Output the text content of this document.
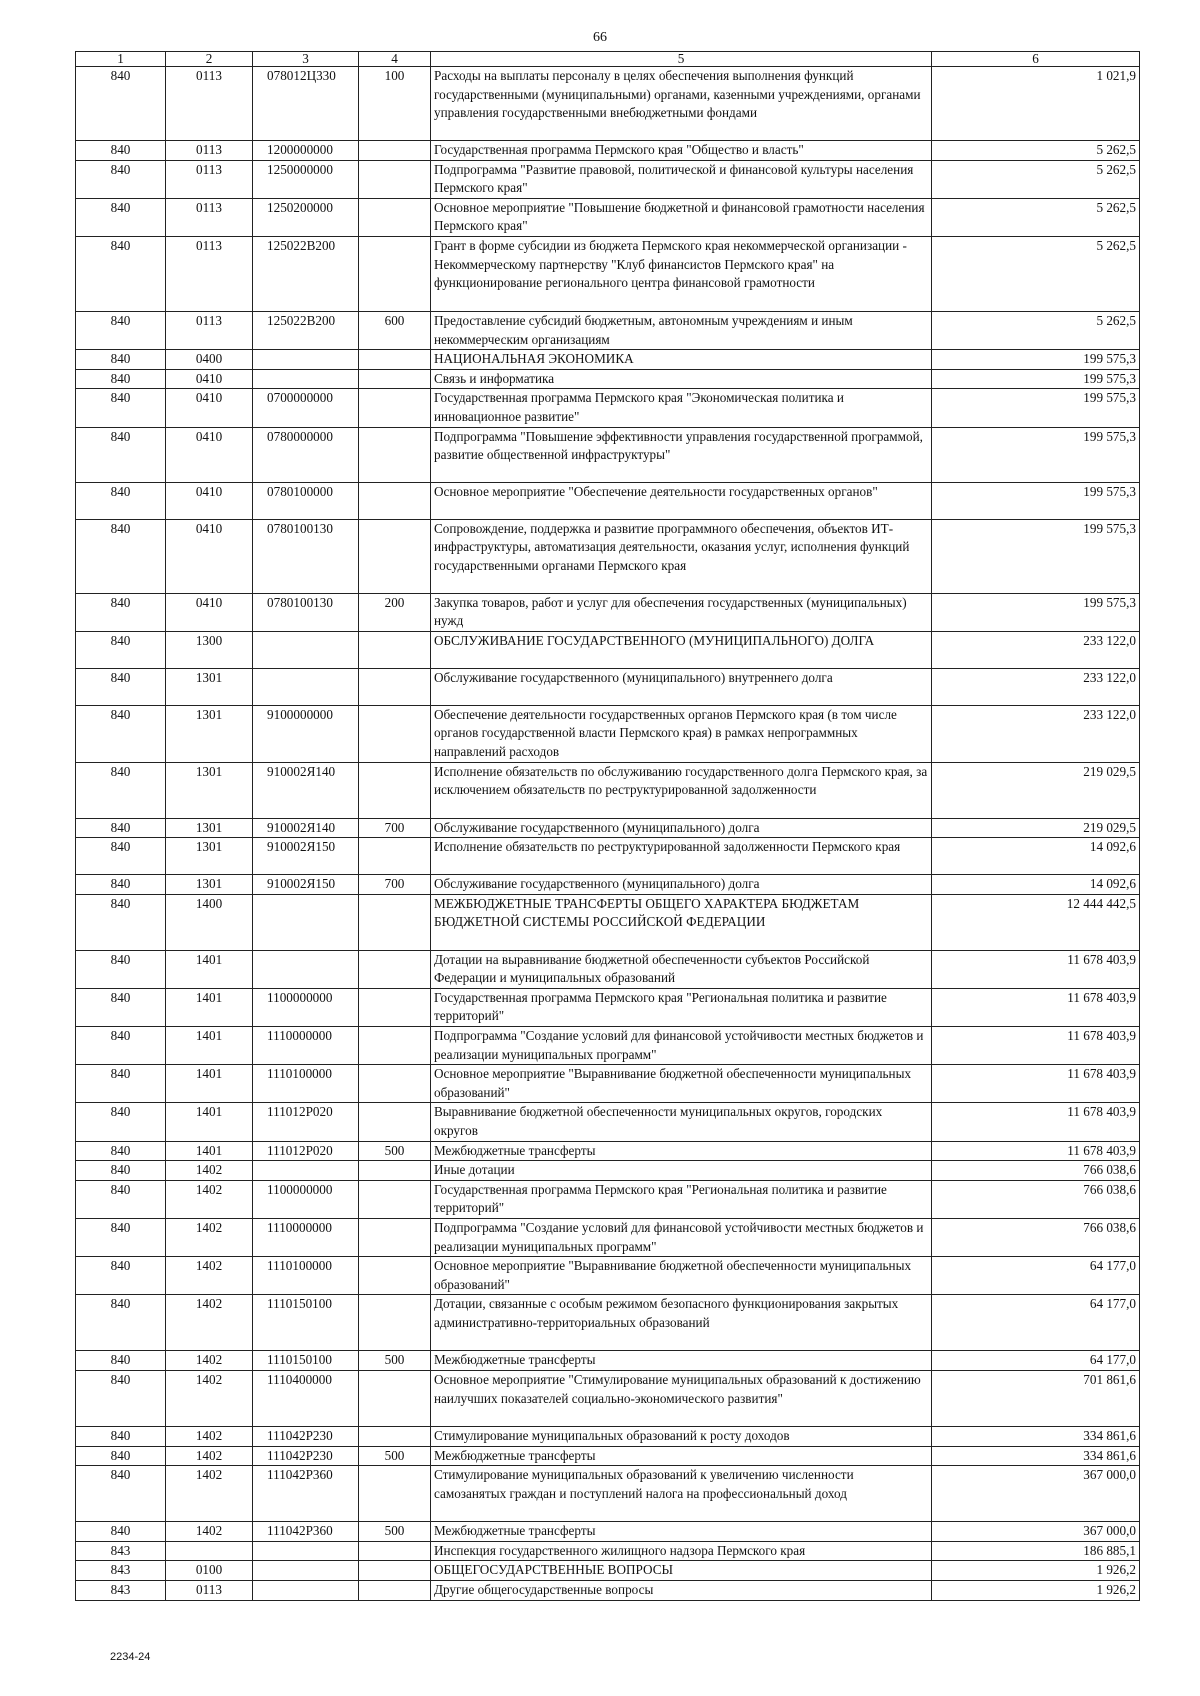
66
1	2	3	4	5	6
840	0113	078012Ц330	100	Расходы на выплаты персоналу в целях обеспечения выполнения функций государственными (муниципальными) органами, казенными учреждениями, органами управления государственными внебюджетными фондами	1 021,9
840	0113	1200000000		Государственная программа Пермского края "Общество и власть"	5 262,5
840	0113	1250000000		Подпрограмма "Развитие правовой, политической и финансовой культуры населения Пермского края"	5 262,5
840	0113	1250200000		Основное мероприятие "Повышение бюджетной и финансовой грамотности населения Пермского края"	5 262,5
840	0113	125022В200		Грант в форме субсидии из бюджета Пермского края некоммерческой организации - Некоммерческому партнерству "Клуб финансистов Пермского края" на функционирование регионального центра финансовой грамотности	5 262,5
840	0113	125022В200	600	Предоставление субсидий бюджетным, автономным учреждениям и иным некоммерческим организациям	5 262,5
840	0400			НАЦИОНАЛЬНАЯ ЭКОНОМИКА	199 575,3
840	0410			Связь и информатика	199 575,3
840	0410	0700000000		Государственная программа Пермского края "Экономическая политика и инновационное развитие"	199 575,3
840	0410	0780000000		Подпрограмма "Повышение эффективности управления государственной программой, развитие общественной инфраструктуры"	199 575,3
840	0410	0780100000		Основное мероприятие "Обеспечение деятельности государственных органов"	199 575,3
840	0410	0780100130		Сопровождение, поддержка и развитие программного обеспечения, объектов ИТ-инфраструктуры, автоматизация деятельности, оказания услуг, исполнения функций государственными органами Пермского края	199 575,3
840	0410	0780100130	200	Закупка товаров, работ и услуг для обеспечения государственных (муниципальных) нужд	199 575,3
840	1300			ОБСЛУЖИВАНИЕ ГОСУДАРСТВЕННОГО (МУНИЦИПАЛЬНОГО) ДОЛГА	233 122,0
840	1301			Обслуживание государственного (муниципального) внутреннего долга	233 122,0
840	1301	9100000000		Обеспечение деятельности государственных органов Пермского края (в том числе органов государственной власти Пермского края) в рамках непрограммных направлений расходов	233 122,0
840	1301	910002Я140		Исполнение обязательств по обслуживанию государственного долга Пермского края, за исключением обязательств по реструктурированной задолженности	219 029,5
840	1301	910002Я140	700	Обслуживание государственного (муниципального) долга	219 029,5
840	1301	910002Я150		Исполнение обязательств по реструктурированной задолженности Пермского края	14 092,6
840	1301	910002Я150	700	Обслуживание государственного (муниципального) долга	14 092,6
840	1400			МЕЖБЮДЖЕТНЫЕ ТРАНСФЕРТЫ ОБЩЕГО ХАРАКТЕРА БЮДЖЕТАМ БЮДЖЕТНОЙ СИСТЕМЫ РОССИЙСКОЙ ФЕДЕРАЦИИ	12 444 442,5
840	1401			Дотации на выравнивание бюджетной обеспеченности субъектов Российской Федерации и муниципальных образований	11 678 403,9
840	1401	1100000000		Государственная программа Пермского края "Региональная политика и развитие территорий"	11 678 403,9
840	1401	1110000000		Подпрограмма "Создание условий для финансовой устойчивости местных бюджетов и реализации муниципальных программ"	11 678 403,9
840	1401	1110100000		Основное мероприятие "Выравнивание бюджетной обеспеченности муниципальных образований"	11 678 403,9
840	1401	111012Р020		Выравнивание бюджетной обеспеченности муниципальных округов, городских округов	11 678 403,9
840	1401	111012Р020	500	Межбюджетные трансферты	11 678 403,9
840	1402			Иные дотации	766 038,6
840	1402	1100000000		Государственная программа Пермского края "Региональная политика и развитие территорий"	766 038,6
840	1402	1110000000		Подпрограмма "Создание условий для финансовой устойчивости местных бюджетов и реализации муниципальных программ"	766 038,6
840	1402	1110100000		Основное мероприятие "Выравнивание бюджетной обеспеченности муниципальных образований"	64 177,0
840	1402	1110150100		Дотации, связанные с особым режимом безопасного функционирования закрытых административно-территориальных образований	64 177,0
840	1402	1110150100	500	Межбюджетные трансферты	64 177,0
840	1402	1110400000		Основное мероприятие "Стимулирование муниципальных образований к достижению наилучших показателей социально-экономического развития"	701 861,6
840	1402	111042Р230		Стимулирование муниципальных образований к росту доходов	334 861,6
840	1402	111042Р230	500	Межбюджетные трансферты	334 861,6
840	1402	111042Р360		Стимулирование муниципальных образований к увеличению численности самозанятых граждан и поступлений налога на профессиональный доход	367 000,0
840	1402	111042Р360	500	Межбюджетные трансферты	367 000,0
843				Инспекция государственного жилищного надзора Пермского края	186 885,1
843	0100			ОБЩЕГОСУДАРСТВЕННЫЕ ВОПРОСЫ	1 926,2
843	0113			Другие общегосударственные вопросы	1 926,2
2234-24
